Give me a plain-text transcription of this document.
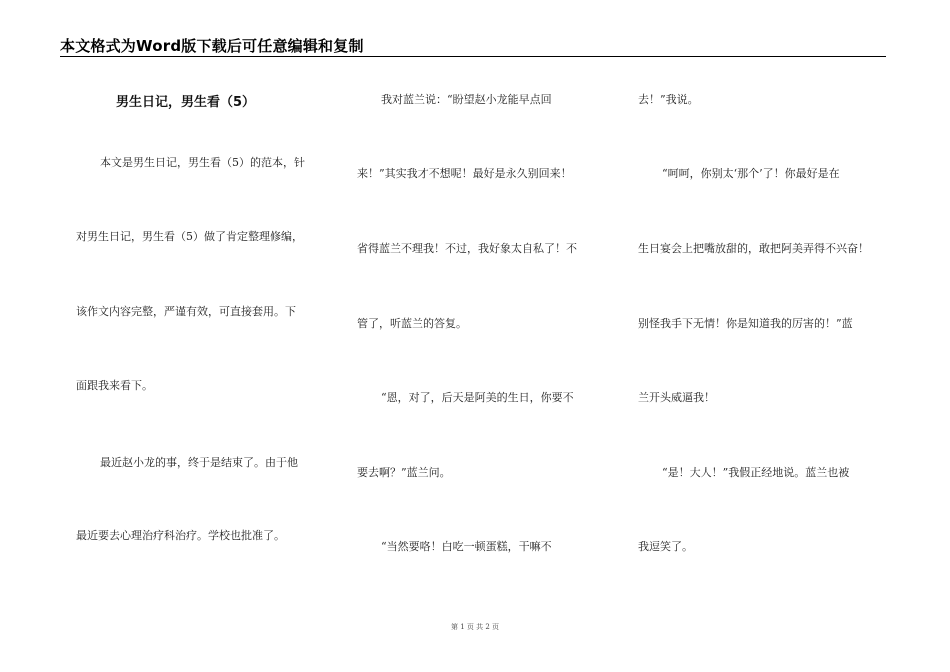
本文格式为Word版下载后可任意编辑和复制
男生日记，男生看（5）
本文是男生日记，男生看（5）的范本，针
对男生日记，男生看（5）做了肯定整理修编，
该作文内容完整，严谨有效，可直接套用。下
面跟我来看下。
最近赵小龙的事，终于是结束了。由于他
最近要去心理治疗科治疗。学校也批准了。
我对蓝兰说：“盼望赵小龙能早点回
来！”其实我才不想呢！最好是永久别回来！
省得蓝兰不理我！不过，我好象太自私了！不
管了，听蓝兰的答复。
“恩，对了，后天是阿美的生日，你要不
要去啊？”蓝兰问。
“当然要咯！白吃一顿蛋糕，干嘛不
去！”我说。
“呵呵，你别太‘那个’了！你最好是在
生日宴会上把嘴放甜的，敢把阿美弄得不兴奋！
别怪我手下无情！你是知道我的厉害的！”蓝
兰开头威逼我！
“是！大人！”我假正经地说。蓝兰也被
我逗笑了。
第 1 页 共 2 页
